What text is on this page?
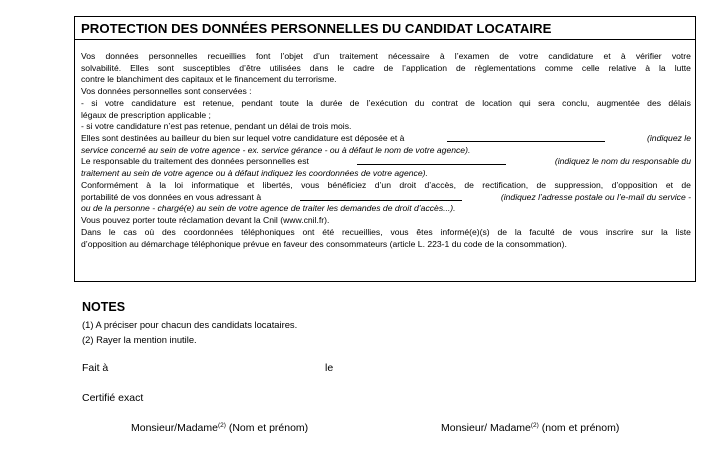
PROTECTION DES DONNÉES PERSONNELLES DU CANDIDAT LOCATAIRE
Vos données personnelles recueillies font l’objet d’un traitement nécessaire à l’examen de votre candidature et à vérifier votre
solvabilité. Elles sont susceptibles d’être utilisées dans le cadre de l’application de règlementations comme celle relative à la lutte
contre le blanchiment des capitaux et le financement du terrorisme.
Vos données personnelles sont conservées :
- si votre candidature est retenue, pendant toute la durée de l’exécution du contrat de location qui sera conclu, augmentée des délais
légaux de prescription applicable ;
- si votre candidature n’est pas retenue, pendant un délai de trois mois.
Elles sont destinées au bailleur du bien sur lequel votre candidature est déposée et à	(indiquez le
service concerné au sein de votre agence - ex. service gérance - ou à défaut le nom de votre agence).
Le responsable du traitement des données personnelles est	(indiquez le nom du responsable du
traitement au sein de votre agence ou à défaut indiquez les coordonnées de votre agence).
Conformément à la loi informatique et libertés, vous bénéficiez d’un droit d’accès, de rectification, de suppression, d’opposition et de
portabilité de vos données en vous adressant à	(indiquez l’adresse postale ou l’e-mail du service -
ou de la personne - chargé(e) au sein de votre agence de traiter les demandes de droit d’accès...).
Vous pouvez porter toute réclamation devant la Cnil (www.cnil.fr).
Dans le cas où des coordonnées téléphoniques ont été recueillies, vous êtes informé(e)(s) de la faculté de vous inscrire sur la liste
d’opposition au démarchage téléphonique prévue en faveur des consommateurs (article L. 223-1 du code de la consommation).
NOTES
(1) A préciser pour chacun des candidats locataires.
(2) Rayer la mention inutile.
Fait à	le
Certifié exact
Monsieur/Madame$^{(2)}$ (Nom et prénom)	Monsieur/ Madame$^{(2)}$ (nom et prénom)
